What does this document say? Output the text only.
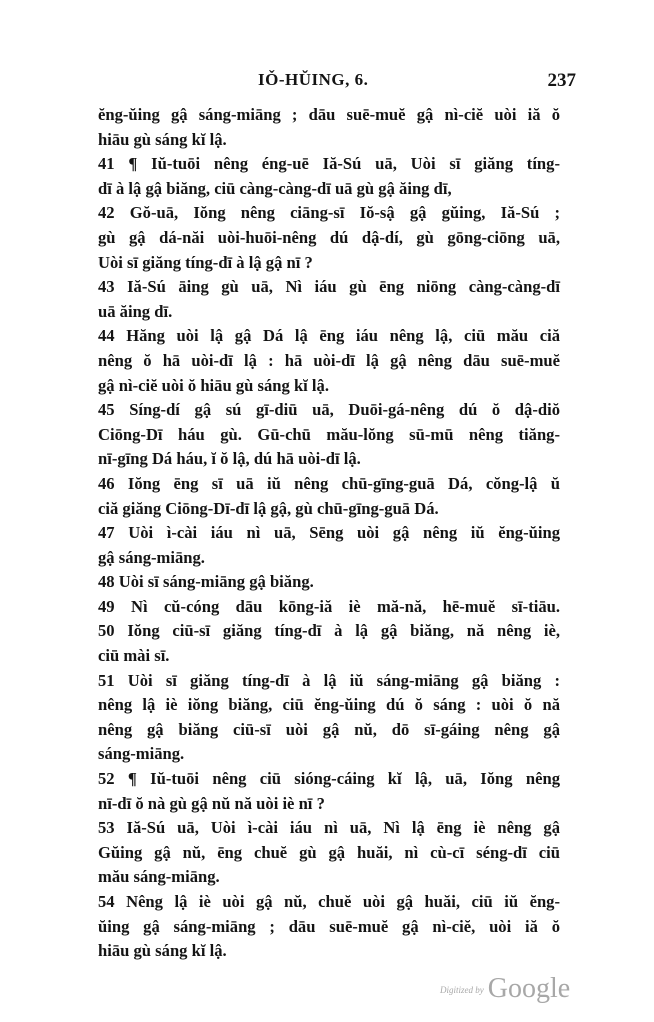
IǑ-HŬING, 6.	237
ĕng-ŭing gậ sáng-miāng ; dāu suē-muĕ gậ nì-ciĕ uòi iă ŏ
hiāu gù sáng kĭ lậ.
41 ¶ Iŭ-tuōi nêng éng-uē Iă-Sú uā, Uòi sī giăng tíng-
dī à lậ gậ biăng, ciū càng-càng-dī uā gù gậ ăing dī,
42 Gŏ-uā, Iŏng nêng ciāng-sī Iŏ-sậ gậ gŭing, Iă-Sú ;
gù gậ dá-năi uòi-huōi-nêng dú dậ-dí, gù gōng-ciōng uā,
Uòi sī giăng tíng-dī à lậ gậ nī ?
43 Iă-Sú āing gù uā, Nì iáu gù ēng niōng càng-càng-dī
uā ăing dī.
44 Hăng uòi lậ gậ Dá lậ ēng iáu nêng lậ, ciū mău ciă
nêng ŏ hā uòi-dī lậ : hā uòi-dī lậ gậ nêng dāu suē-muĕ
gậ nì-ciĕ uòi ŏ hiāu gù sáng kĭ lậ.
45 Síng-dí gậ sú gī-diū uā, Duōi-gá-nêng dú ŏ dậ-diŏ
Ciōng-Dī háu gù. Gū-chū mău-lŏng sū-mū nêng tiăng-
nī-gīng Dá háu, ĭ ŏ lậ, dú hā uòi-dī lậ.
46 Iŏng ēng sī uā iŭ nêng chū-gīng-guā Dá, cŏng-lậ ŭ
ciă giăng Ciōng-Dī-dī lậ gậ, gù chū-gīng-guā Dá.
47 Uòi ì-cài iáu nì uā, Sēng uòi gậ nêng iŭ ĕng-ŭing
gậ sáng-miāng.
48 Uòi sī sáng-miāng gậ biăng.
49 Nì cŭ-cóng dāu kōng-iă iè mă-nă, hē-muĕ sī-tiāu.
50 Iŏng ciū-sī giăng tíng-dī à lậ gậ biăng, nă nêng iè,
ciū mài sī.
51 Uòi sī giăng tíng-dī à lậ iŭ sáng-miāng gậ biăng :
nêng lậ iè iŏng biăng, ciū ĕng-ŭing dú ŏ sáng : uòi ŏ nă
nêng gậ biăng ciū-sī uòi gậ nŭ, dō sī-gáing nêng gậ
sáng-miāng.
52 ¶ Iŭ-tuōi nêng ciū sióng-cáing kĭ lậ, uā, Iŏng nêng
nī-dī ŏ nà gù gậ nŭ nă uòi iè nī ?
53 Iă-Sú uā, Uòi ì-cài iáu nì uā, Nì lậ ēng iè nêng gậ
Gŭing gậ nŭ, ēng chuĕ gù gậ huăi, nì cù-cī séng-dī ciū
mău sáng-miāng.
54 Nêng lậ iè uòi gậ nŭ, chuĕ uòi gậ huăi, ciū iŭ ĕng-
ŭing gậ sáng-miāng ; dāu suē-muĕ gậ nì-ciĕ, uòi iă ŏ
hiāu gù sáng kĭ lậ.
$^{Digitized by}$ Google
